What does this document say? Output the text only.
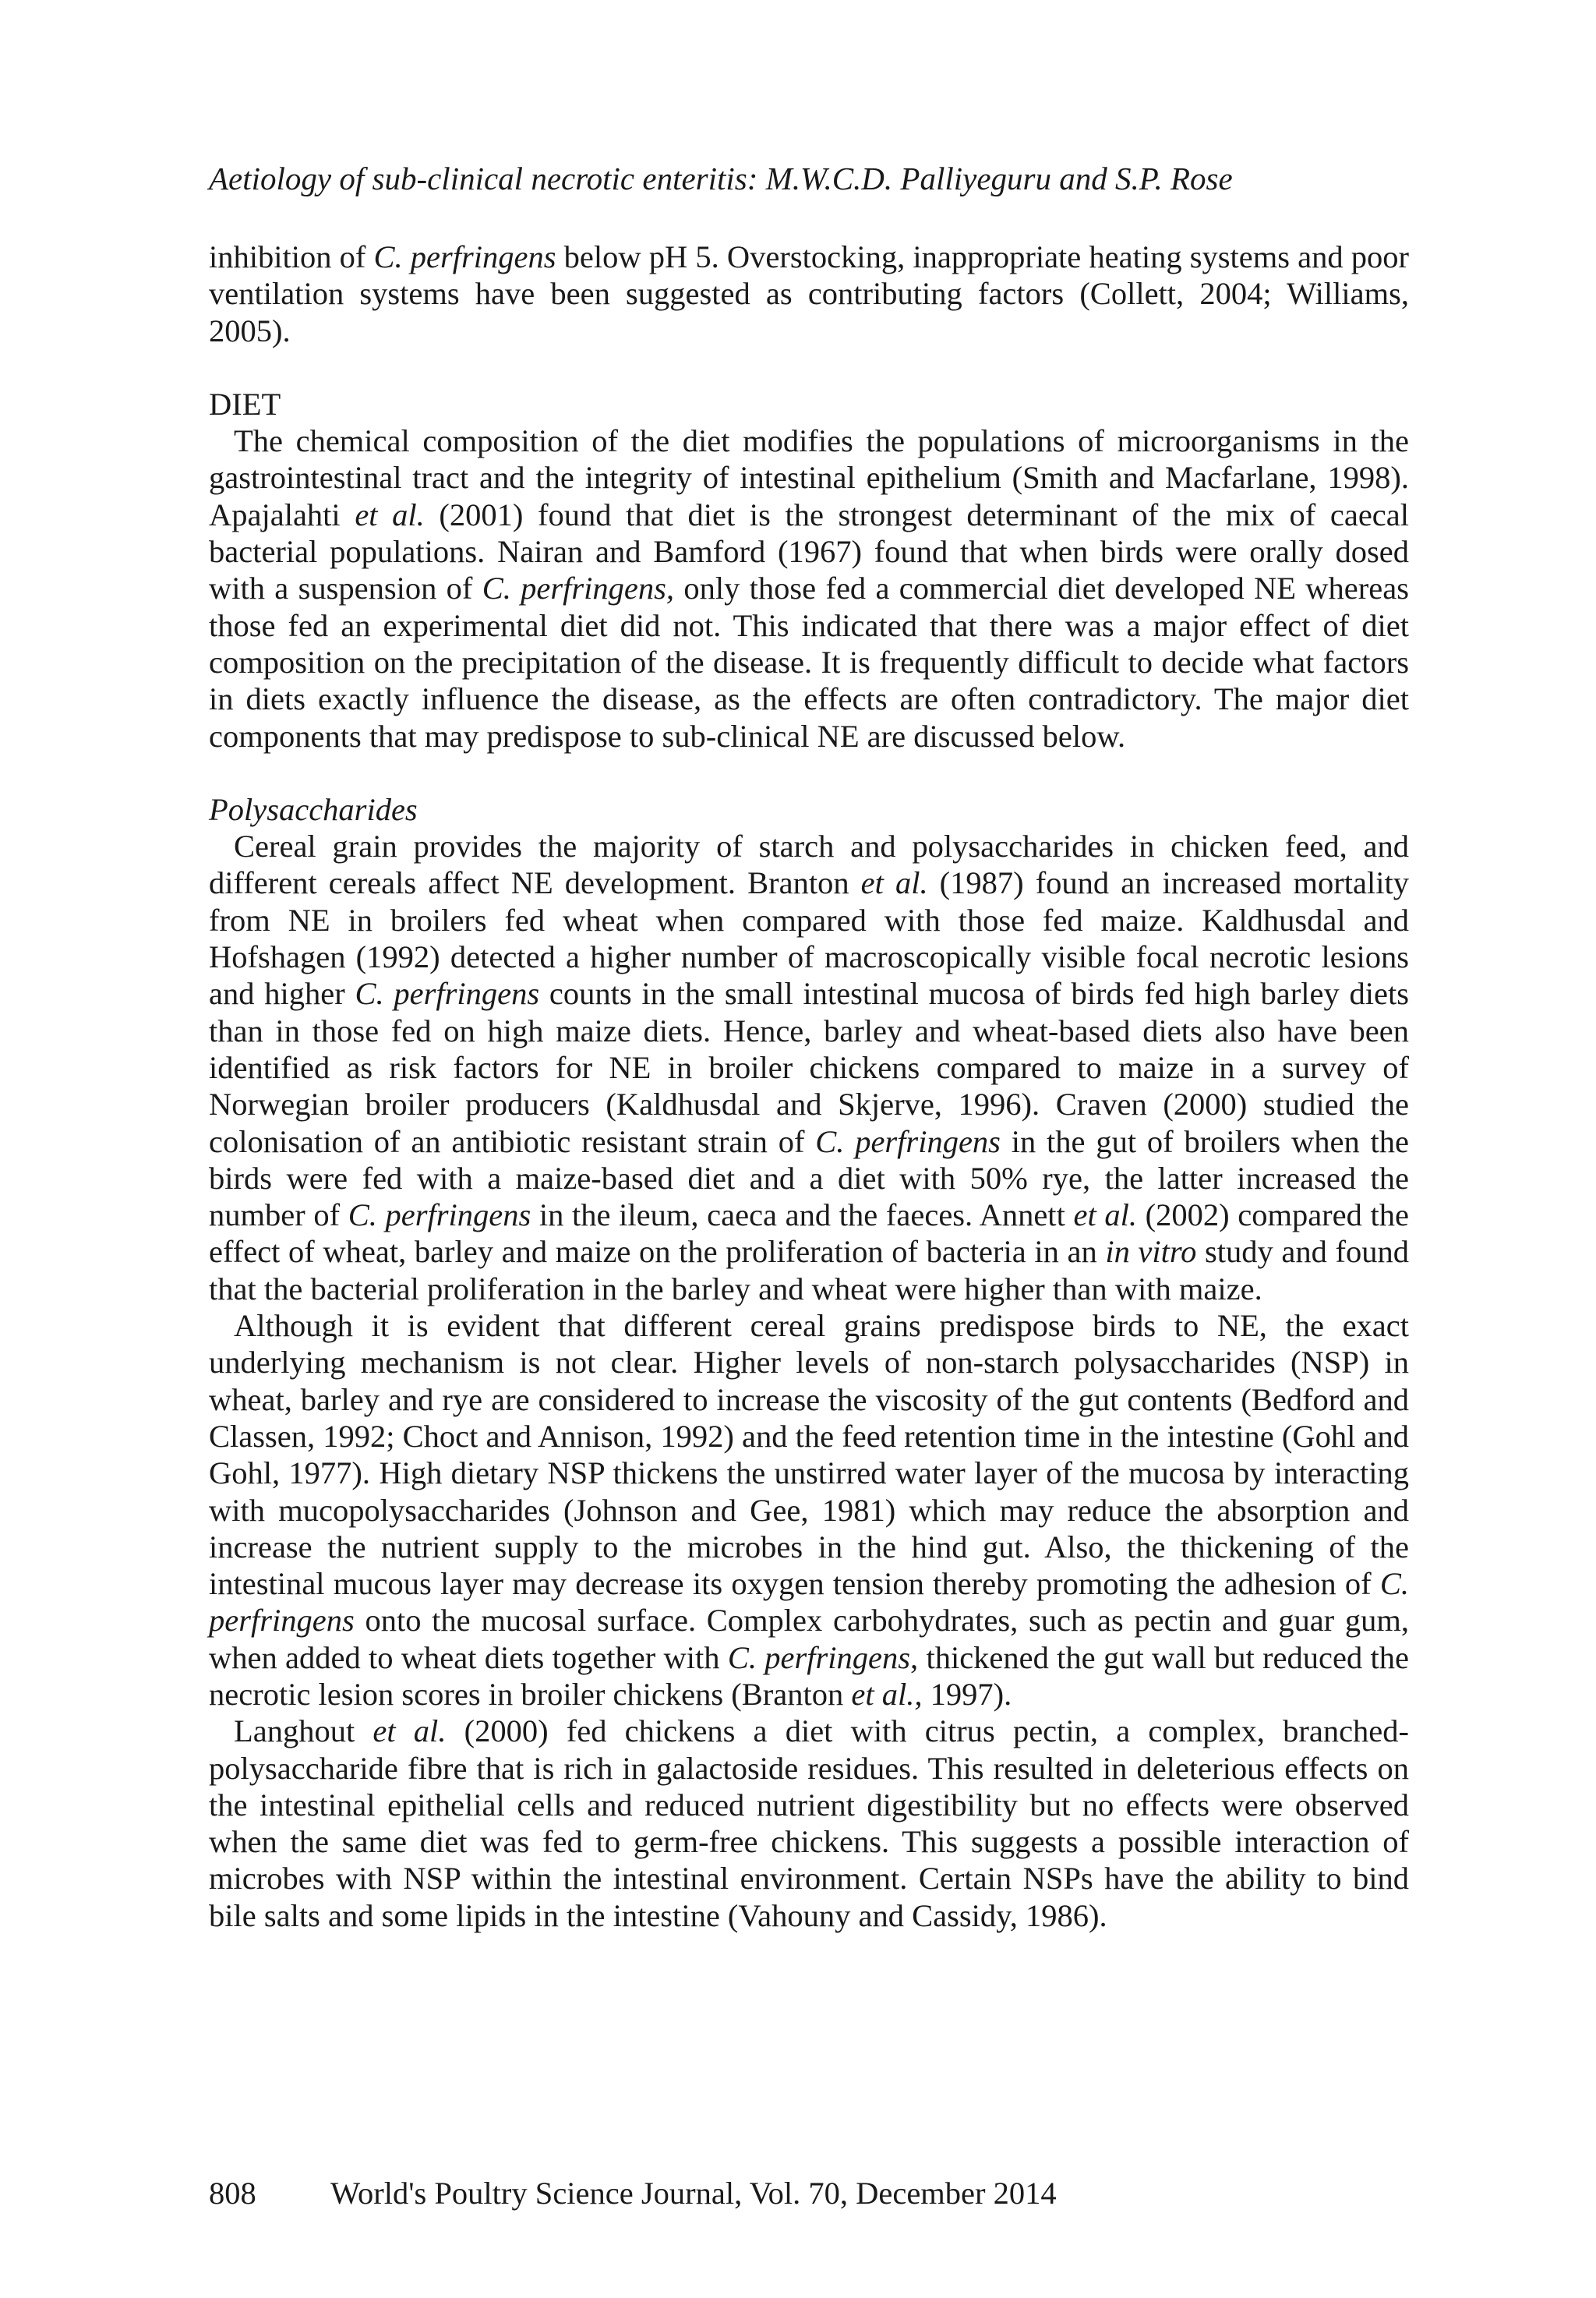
Aetiology of sub-clinical necrotic enteritis: M.W.C.D. Palliyeguru and S.P. Rose

inhibition of C. perfringens below pH 5. Overstocking, inappropriate heating systems and poor ventilation systems have been suggested as contributing factors (Collett, 2004; Williams, 2005).

DIET

The chemical composition of the diet modifies the populations of microorganisms in the gastrointestinal tract and the integrity of intestinal epithelium (Smith and Macfarlane, 1998). Apajalahti et al. (2001) found that diet is the strongest determinant of the mix of caecal bacterial populations. Nairan and Bamford (1967) found that when birds were orally dosed with a suspension of C. perfringens, only those fed a commercial diet developed NE whereas those fed an experimental diet did not. This indicated that there was a major effect of diet composition on the precipitation of the disease. It is frequently difficult to decide what factors in diets exactly influence the disease, as the effects are often contradictory. The major diet components that may predispose to sub-clinical NE are discussed below.

Polysaccharides

Cereal grain provides the majority of starch and polysaccharides in chicken feed, and different cereals affect NE development. Branton et al. (1987) found an increased mortality from NE in broilers fed wheat when compared with those fed maize. Kaldhusdal and Hofshagen (1992) detected a higher number of macroscopically visible focal necrotic lesions and higher C. perfringens counts in the small intestinal mucosa of birds fed high barley diets than in those fed on high maize diets. Hence, barley and wheat-based diets also have been identified as risk factors for NE in broiler chickens compared to maize in a survey of Norwegian broiler producers (Kaldhusdal and Skjerve, 1996). Craven (2000) studied the colonisation of an antibiotic resistant strain of C. perfringens in the gut of broilers when the birds were fed with a maize-based diet and a diet with 50% rye, the latter increased the number of C. perfringens in the ileum, caeca and the faeces. Annett et al. (2002) compared the effect of wheat, barley and maize on the proliferation of bacteria in an in vitro study and found that the bacterial proliferation in the barley and wheat were higher than with maize.

Although it is evident that different cereal grains predispose birds to NE, the exact underlying mechanism is not clear. Higher levels of non-starch polysaccharides (NSP) in wheat, barley and rye are considered to increase the viscosity of the gut contents (Bedford and Classen, 1992; Choct and Annison, 1992) and the feed retention time in the intestine (Gohl and Gohl, 1977). High dietary NSP thickens the unstirred water layer of the mucosa by interacting with mucopolysaccharides (Johnson and Gee, 1981) which may reduce the absorption and increase the nutrient supply to the microbes in the hind gut. Also, the thickening of the intestinal mucous layer may decrease its oxygen tension thereby promoting the adhesion of C. perfringens onto the mucosal surface. Complex carbohydrates, such as pectin and guar gum, when added to wheat diets together with C. perfringens, thickened the gut wall but reduced the necrotic lesion scores in broiler chickens (Branton et al., 1997).

Langhout et al. (2000) fed chickens a diet with citrus pectin, a complex, branched-polysaccharide fibre that is rich in galactoside residues. This resulted in deleterious effects on the intestinal epithelial cells and reduced nutrient digestibility but no effects were observed when the same diet was fed to germ-free chickens. This suggests a possible interaction of microbes with NSP within the intestinal environment. Certain NSPs have the ability to bind bile salts and some lipids in the intestine (Vahouny and Cassidy, 1986).

808 World's Poultry Science Journal, Vol. 70, December 2014
